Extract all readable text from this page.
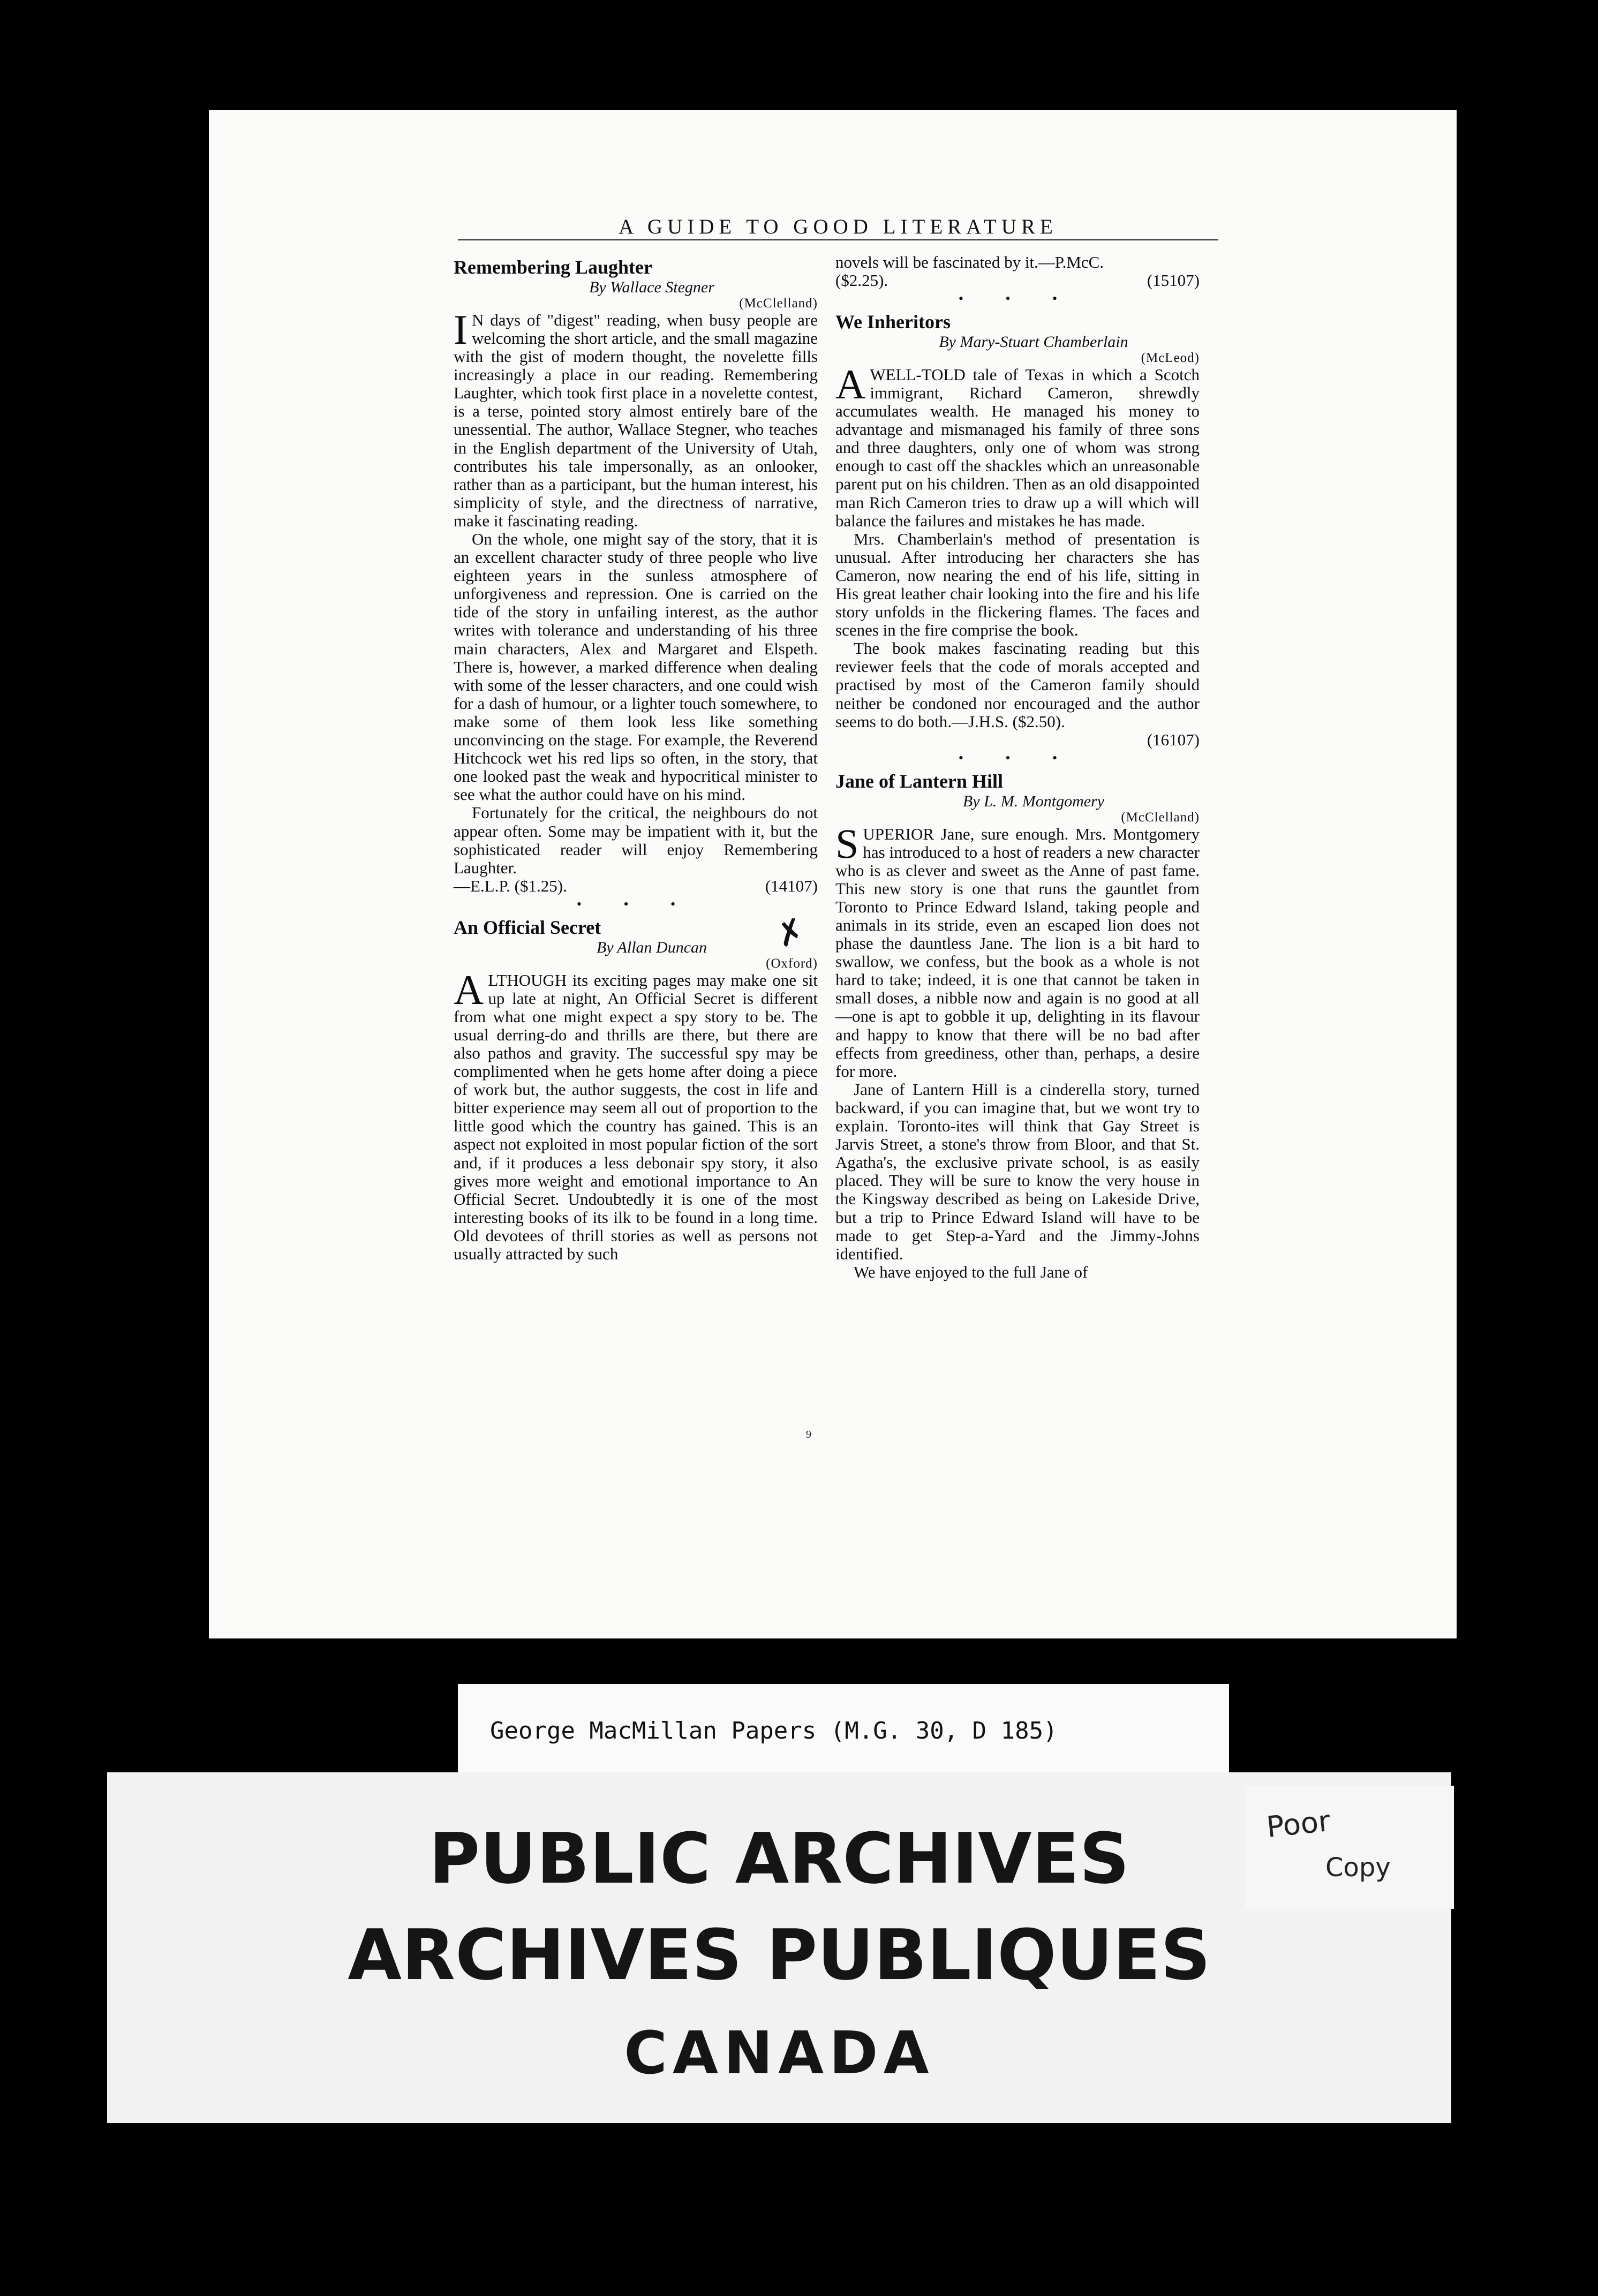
A GUIDE TO GOOD LITERATURE
Remembering Laughter
By Wallace Stegner
(McClelland)

I N days of "digest" reading, when busy people are welcoming the short article, and the small magazine with the gist of modern thought, the novelette fills increasingly a place in our reading. Remembering Laughter, which took first place in a novelette contest, is a terse, pointed story almost entirely bare of the unessential. The author, Wallace Stegner, who teaches in the English department of the University of Utah, contributes his tale impersonally, as an onlooker, rather than as a participant, but the human interest, his simplicity of style, and the directness of narrative, make it fascinating reading.

On the whole, one might say of the story, that it is an excellent character study of three people who live eighteen years in the sunless atmosphere of unforgiveness and repression. One is carried on the tide of the story in unfailing interest, as the author writes with tolerance and understanding of his three main characters, Alex and Margaret and Elspeth. There is, however, a marked difference when dealing with some of the lesser characters, and one could wish for a dash of humour, or a lighter touch somewhere, to make some of them look less like something unconvincing on the stage. For example, the Reverend Hitchcock wet his red lips so often, in the story, that one looked past the weak and hypocritical minister to see what the author could have on his mind.

Fortunately for the critical, the neighbours do not appear often. Some may be impatient with it, but the sophisticated reader will enjoy Remembering Laughter.

—E.L.P. ($1.25).	(14107)
• • •
An Official Secret
By Allan Duncan
(Oxford)

ALTHOUGH its exciting pages may make one sit up late at night, An Official Secret is different from what one might expect a spy story to be. The usual derring-do and thrills are there, but there are also pathos and gravity. The successful spy may be complimented when he gets home after doing a piece of work but, the author suggests, the cost in life and bitter experience may seem all out of proportion to the little good which the country has gained. This is an aspect not exploited in most popular fiction of the sort and, if it produces a less debonair spy story, it also gives more weight and emotional importance to An Official Secret. Undoubtedly it is one of the most interesting books of its ilk to be found in a long time. Old devotees of thrill stories as well as persons not usually attracted by such

novels will be fascinated by it.—P.McC.

($2.25).	(15107)
• • •
We Inheritors
By Mary-Stuart Chamberlain
(McLeod)

AWELL-TOLD tale of Texas in which a Scotch immigrant, Richard Cameron, shrewdly accumulates wealth. He managed his money to advantage and mismanaged his family of three sons and three daughters, only one of whom was strong enough to cast off the shackles which an unreasonable parent put on his children. Then as an old disappointed man Rich Cameron tries to draw up a will which will balance the failures and mistakes he has made.

Mrs. Chamberlain's method of presentation is unusual. After introducing her characters she has Cameron, now nearing the end of his life, sitting in His great leather chair looking into the fire and his life story unfolds in the flickering flames. The faces and scenes in the fire comprise the book.

The book makes fascinating reading but this reviewer feels that the code of morals accepted and practised by most of the Cameron family should neither be condoned nor encouraged and the author seems to do both.—J.H.S. ($2.50).

(16107)
• • •
Jane of Lantern Hill
By L. M. Montgomery
(McClelland)

SUPERIOR Jane, sure enough. Mrs. Montgomery has introduced to a host of readers a new character who is as clever and sweet as the Anne of past fame. This new story is one that runs the gauntlet from Toronto to Prince Edward Island, taking people and animals in its stride, even an escaped lion does not phase the dauntless Jane. The lion is a bit hard to swallow, we confess, but the book as a whole is not hard to take; indeed, it is one that cannot be taken in small doses, a nibble now and again is no good at all—one is apt to gobble it up, delighting in its flavour and happy to know that there will be no bad after effects from greediness, other than, perhaps, a desire for more.

Jane of Lantern Hill is a cinderella story, turned backward, if you can imagine that, but we wont try to explain. Toronto-ites will think that Gay Street is Jarvis Street, a stone's throw from Bloor, and that St. Agatha's, the exclusive private school, is as easily placed. They will be sure to know the very house in the Kingsway described as being on Lakeside Drive, but a trip to Prince Edward Island will have to be made to get Step-a-Yard and the Jimmy-Johns identified.

We have enjoyed to the full Jane of

✗
9
George MacMillan Papers (M.G. 30, D 185)
PUBLIC ARCHIVES
ARCHIVES PUBLIQUES
CANADA
Poor
Copy
